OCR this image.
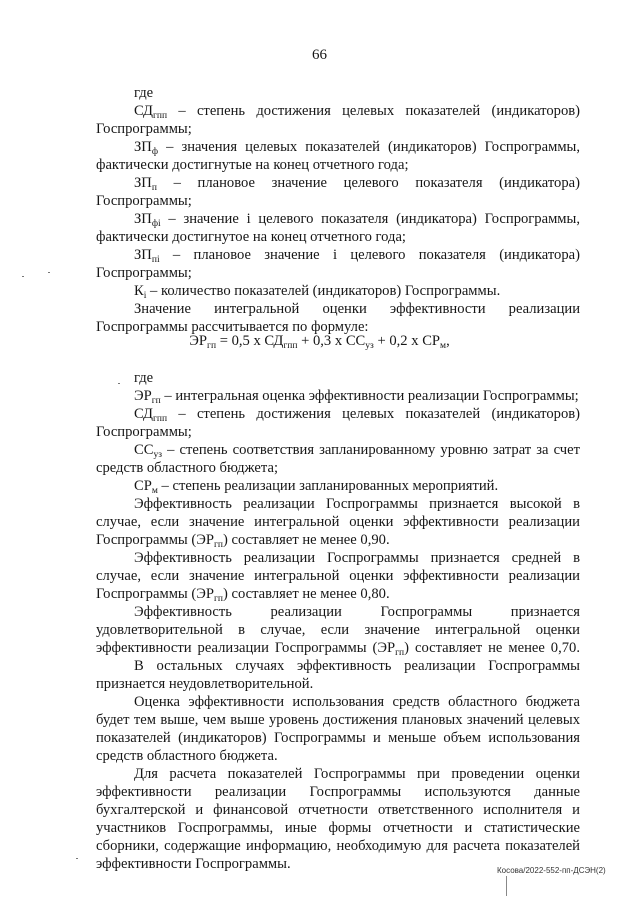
66
где
$СД_{гпп}$ – степень достижения целевых показателей (индикаторов)
Госпрограммы;
$ЗП_ф$ – значения целевых показателей (индикаторов) Госпрограммы,
фактически достигнутые на конец отчетного года;
$ЗП_п$ – плановое значение целевого показателя (индикатора)
Госпрограммы;
$ЗП_{фi}$ – значение i целевого показателя (индикатора) Госпрограммы,
фактически достигнутое на конец отчетного года;
$ЗП_{пi}$ – плановое значение i целевого показателя (индикатора)
Госпрограммы;
$К_i$ – количество показателей (индикаторов) Госпрограммы.
Значение интегральной оценки эффективности реализации
Госпрограммы рассчитывается по формуле:
$ЭР_{гп} = 0,5$ х $СД_{гпп} + 0,3$ х $СС_{уз} + 0,2$ х $СР_м$,
где
$ЭР_{гп}$ – интегральная оценка эффективности реализации Госпрограммы;
$СД_{гпп}$ – степень достижения целевых показателей (индикаторов)
Госпрограммы;
$СС_{уз}$ – степень соответствия запланированному уровню затрат за счет
средств областного бюджета;
$СР_м$ – степень реализации запланированных мероприятий.
Эффективность реализации Госпрограммы признается высокой в
случае, если значение интегральной оценки эффективности реализации
Госпрограммы $(ЭР_{гп})$ составляет не менее 0,90.
Эффективность реализации Госпрограммы признается средней в
случае, если значение интегральной оценки эффективности реализации
Госпрограммы $(ЭР_{гп})$ составляет не менее 0,80.
Эффективность реализации Госпрограммы признается
удовлетворительной в случае, если значение интегральной оценки
эффективности реализации Госпрограммы $(ЭР_{гп})$ составляет не менее 0,70.
В остальных случаях эффективность реализации Госпрограммы
признается неудовлетворительной.
Оценка эффективности использования средств областного бюджета
будет тем выше, чем выше уровень достижения плановых значений целевых
показателей (индикаторов) Госпрограммы и меньше объем использования
средств областного бюджета.
Для расчета показателей Госпрограммы при проведении оценки
эффективности реализации Госпрограммы используются данные
бухгалтерской и финансовой отчетности ответственного исполнителя и
участников Госпрограммы, иные формы отчетности и статистические
сборники, содержащие информацию, необходимую для расчета показателей
эффективности Госпрограммы.	Косова/2022-552-пп-ДСЭН(2)
